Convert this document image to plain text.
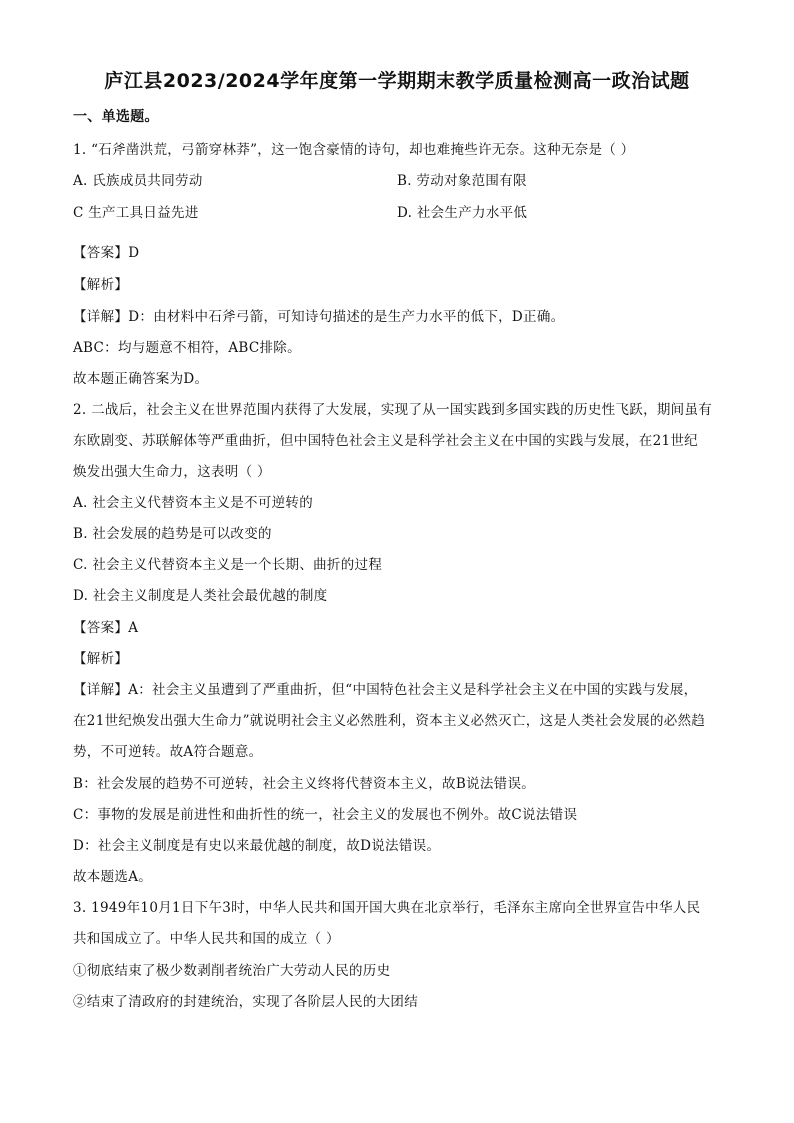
庐江县2023/2024学年度第一学期期末教学质量检测高一政治试题
一、单选题。
1. “石斧凿洪荒，弓箭穿林莽”，这一饱含豪情的诗句，却也难掩些许无奈。这种无奈是（ ）
A. 氏族成员共同劳动	B. 劳动对象范围有限
C 生产工具日益先进	D. 社会生产力水平低
【答案】D
【解析】
【详解】D：由材料中石斧弓箭，可知诗句描述的是生产力水平的低下，D正确。
ABC：均与题意不相符，ABC排除。
故本题正确答案为D。
2. 二战后，社会主义在世界范围内获得了大发展，实现了从一国实践到多国实践的历史性飞跃，期间虽有
东欧剧变、苏联解体等严重曲折，但中国特色社会主义是科学社会主义在中国的实践与发展，在21世纪
焕发出强大生命力，这表明（ ）
A. 社会主义代替资本主义是不可逆转的
B. 社会发展的趋势是可以改变的
C. 社会主义代替资本主义是一个长期、曲折的过程
D. 社会主义制度是人类社会最优越的制度
【答案】A
【解析】
【详解】A：社会主义虽遭到了严重曲折，但“中国特色社会主义是科学社会主义在中国的实践与发展，
在21世纪焕发出强大生命力”就说明社会主义必然胜利，资本主义必然灭亡，这是人类社会发展的必然趋
势，不可逆转。故A符合题意。
B：社会发展的趋势不可逆转，社会主义终将代替资本主义，故B说法错误。
C：事物的发展是前进性和曲折性的统一，社会主义的发展也不例外。故C说法错误
D：社会主义制度是有史以来最优越的制度，故D说法错误。
故本题选A。
3. 1949年10月1日下午3时，中华人民共和国开国大典在北京举行，毛泽东主席向全世界宣告中华人民
共和国成立了。中华人民共和国的成立（ ）
①彻底结束了极少数剥削者统治广大劳动人民的历史
②结束了清政府的封建统治，实现了各阶层人民的大团结
